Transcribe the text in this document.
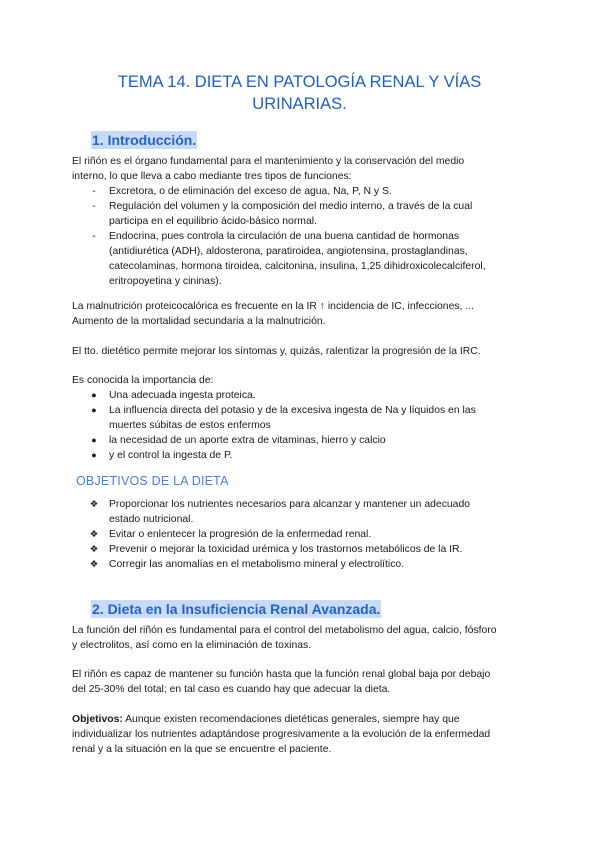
TEMA 14. DIETA EN PATOLOGÍA RENAL Y VÍAS
URINARIAS.
1. Introducción.
El riñón es el órgano fundamental para el mantenimiento y la conservación del medio
interno, lo que lleva a cabo mediante tres tipos de funciones:
-	Excretora, o de eliminación del exceso de agua, Na, P, N y S.
-	Regulación del volumen y la composición del medio interno, a través de la cual
participa en el equilibrio ácido-básico normal.
-	Endocrina, pues controla la circulación de una buena cantidad de hormonas
(antidiurética (ADH), aldosterona, paratiroidea, angiotensina, prostaglandinas,
catecolaminas, hormona tiroidea, calcitonina, insulina, 1,25 dihidroxicolecalciferol,
eritropoyetina y cininas).
La malnutrición proteicocalórica es frecuente en la IR ↑ incidencia de IC, infecciones, ...
Aumento de la mortalidad secundaria a la malnutrición.
El tto. dietético permite mejorar los síntomas y, quizás, ralentizar la progresión de la IRC.
Es conocida la importancia de:
●	Una adecuada ingesta proteica.
●	La influencia directa del potasio y de la excesiva ingesta de Na y líquidos en las
muertes súbitas de estos enfermos
●	la necesidad de un aporte extra de vitaminas, hierro y calcio
●	y el control la ingesta de P.
OBJETIVOS DE LA DIETA
❖	Proporcionar los nutrientes necesarios para alcanzar y mantener un adecuado
estado nutricional.
❖	Evitar o enlentecer la progresión de la enfermedad renal.
❖	Prevenir o mejorar la toxicidad urémica y los trastornos metabólicos de la IR.
❖	Corregir las anomalías en el metabolismo mineral y electrolítico.
2. Dieta en la Insuficiencia Renal Avanzada.
La función del riñón es fundamental para el control del metabolismo del agua, calcio, fósforo
y electrolitos, así como en la eliminación de toxinas.
El riñón es capaz de mantener su función hasta que la función renal global baja por debajo
del 25-30% del total; en tal caso es cuando hay que adecuar la dieta.
Objetivos: Aunque existen recomendaciones dietéticas generales, siempre hay que
individualizar los nutrientes adaptándose progresivamente a la evolución de la enfermedad
renal y a la situación en la que se encuentre el paciente.
